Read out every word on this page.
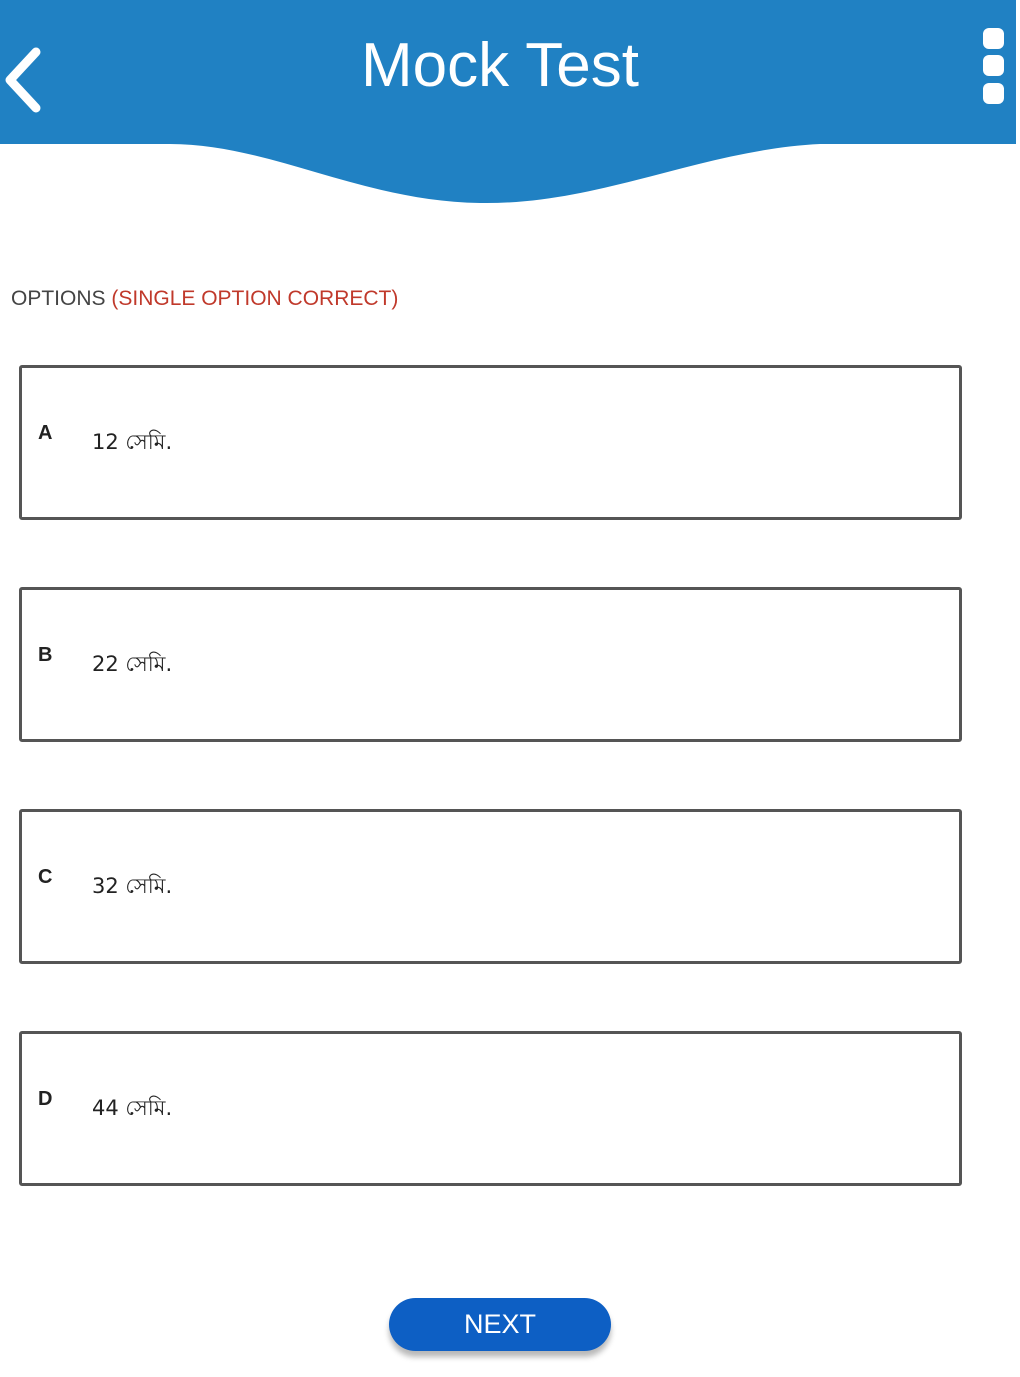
Mock Test
OPTIONS (SINGLE OPTION CORRECT)
A 12 সেমি.
B 22 সেমি.
C 32 সেমি.
D 44 সেমি.
NEXT
